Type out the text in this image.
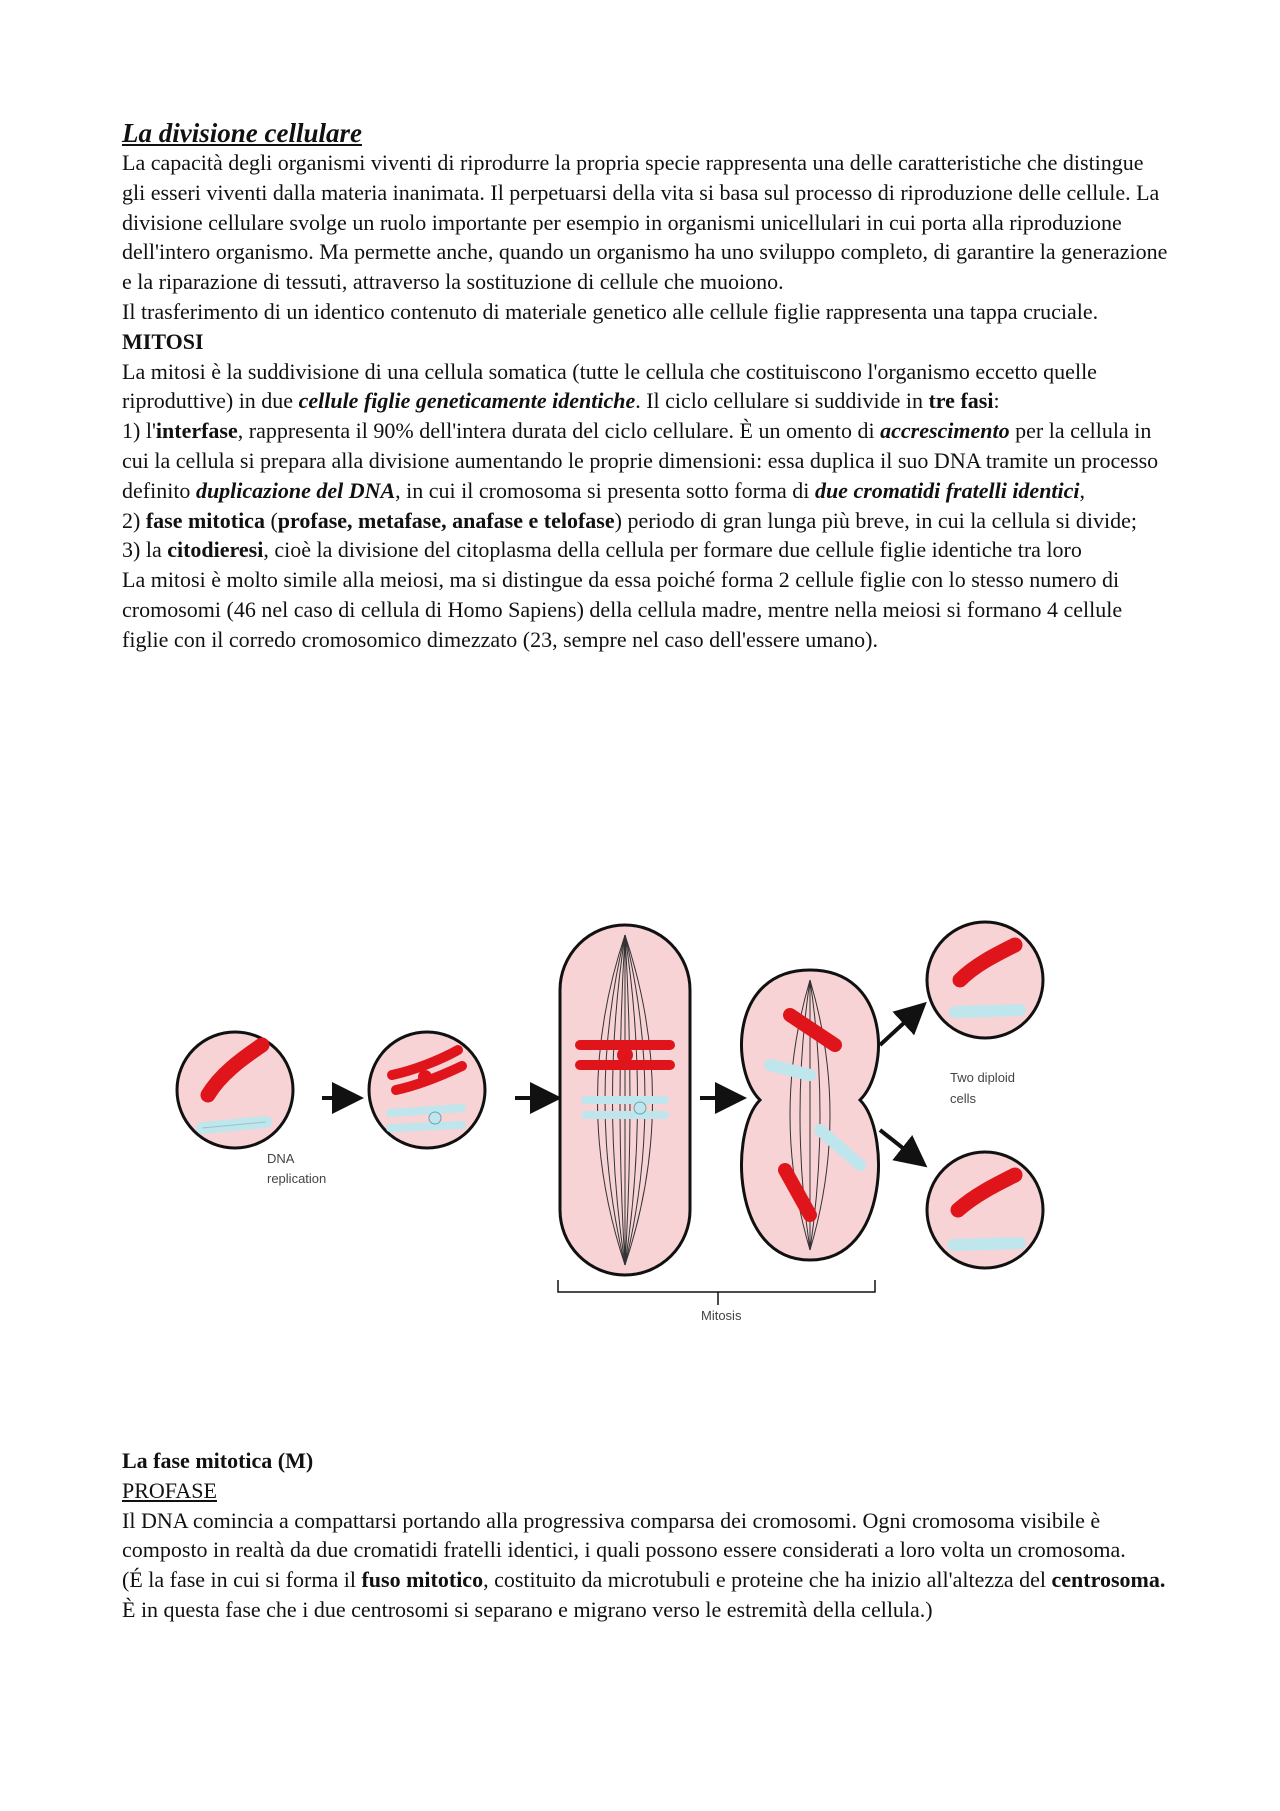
La divisione cellulare

La capacità degli organismi viventi di riprodurre la propria specie rappresenta una delle caratteristiche che distingue gli esseri viventi dalla materia inanimata. Il perpetuarsi della vita si basa sul processo di riproduzione delle cellule. La divisione cellulare svolge un ruolo importante per esempio in organismi unicellulari in cui porta alla riproduzione dell'intero organismo. Ma permette anche, quando un organismo ha uno sviluppo completo, di garantire la generazione e la riparazione di tessuti, attraverso la sostituzione di cellule che muoiono.

Il trasferimento di un identico contenuto di materiale genetico alle cellule figlie rappresenta una tappa cruciale.

MITOSI

La mitosi è la suddivisione di una cellula somatica (tutte le cellula che costituiscono l'organismo eccetto quelle riproduttive) in due cellule figlie geneticamente identiche. Il ciclo cellulare si suddivide in tre fasi:

1) l'interfase, rappresenta il 90% dell'intera durata del ciclo cellulare. È un omento di accrescimento per la cellula in cui la cellula si prepara alla divisione aumentando le proprie dimensioni: essa duplica il suo DNA tramite un processo definito duplicazione del DNA, in cui il cromosoma si presenta sotto forma di due cromatidi fratelli identici,

2) fase mitotica (profase, metafase, anafase e telofase) periodo di gran lunga più breve, in cui la cellula si divide;

3) la citodieresi, cioè la divisione del citoplasma della cellula per formare due cellule figlie identiche tra loro

La mitosi è molto simile alla meiosi, ma si distingue da essa poiché forma 2 cellule figlie con lo stesso numero di cromosomi (46 nel caso di cellula di Homo Sapiens) della cellula madre, mentre nella meiosi si formano 4 cellule figlie con il corredo cromosomico dimezzato (23, sempre nel caso dell'essere umano).

DNA
replication
Mitosis
Two diploid
cells

La fase mitotica (M)

PROFASE

Il DNA comincia a compattarsi portando alla progressiva comparsa dei cromosomi. Ogni cromosoma visibile è composto in realtà da due cromatidi fratelli identici, i quali possono essere considerati a loro volta un cromosoma.

(É la fase in cui si forma il fuso mitotico, costituito da microtubuli e proteine che ha inizio all'altezza del centrosoma. È in questa fase che i due centrosomi si separano e migrano verso le estremità della cellula.)
